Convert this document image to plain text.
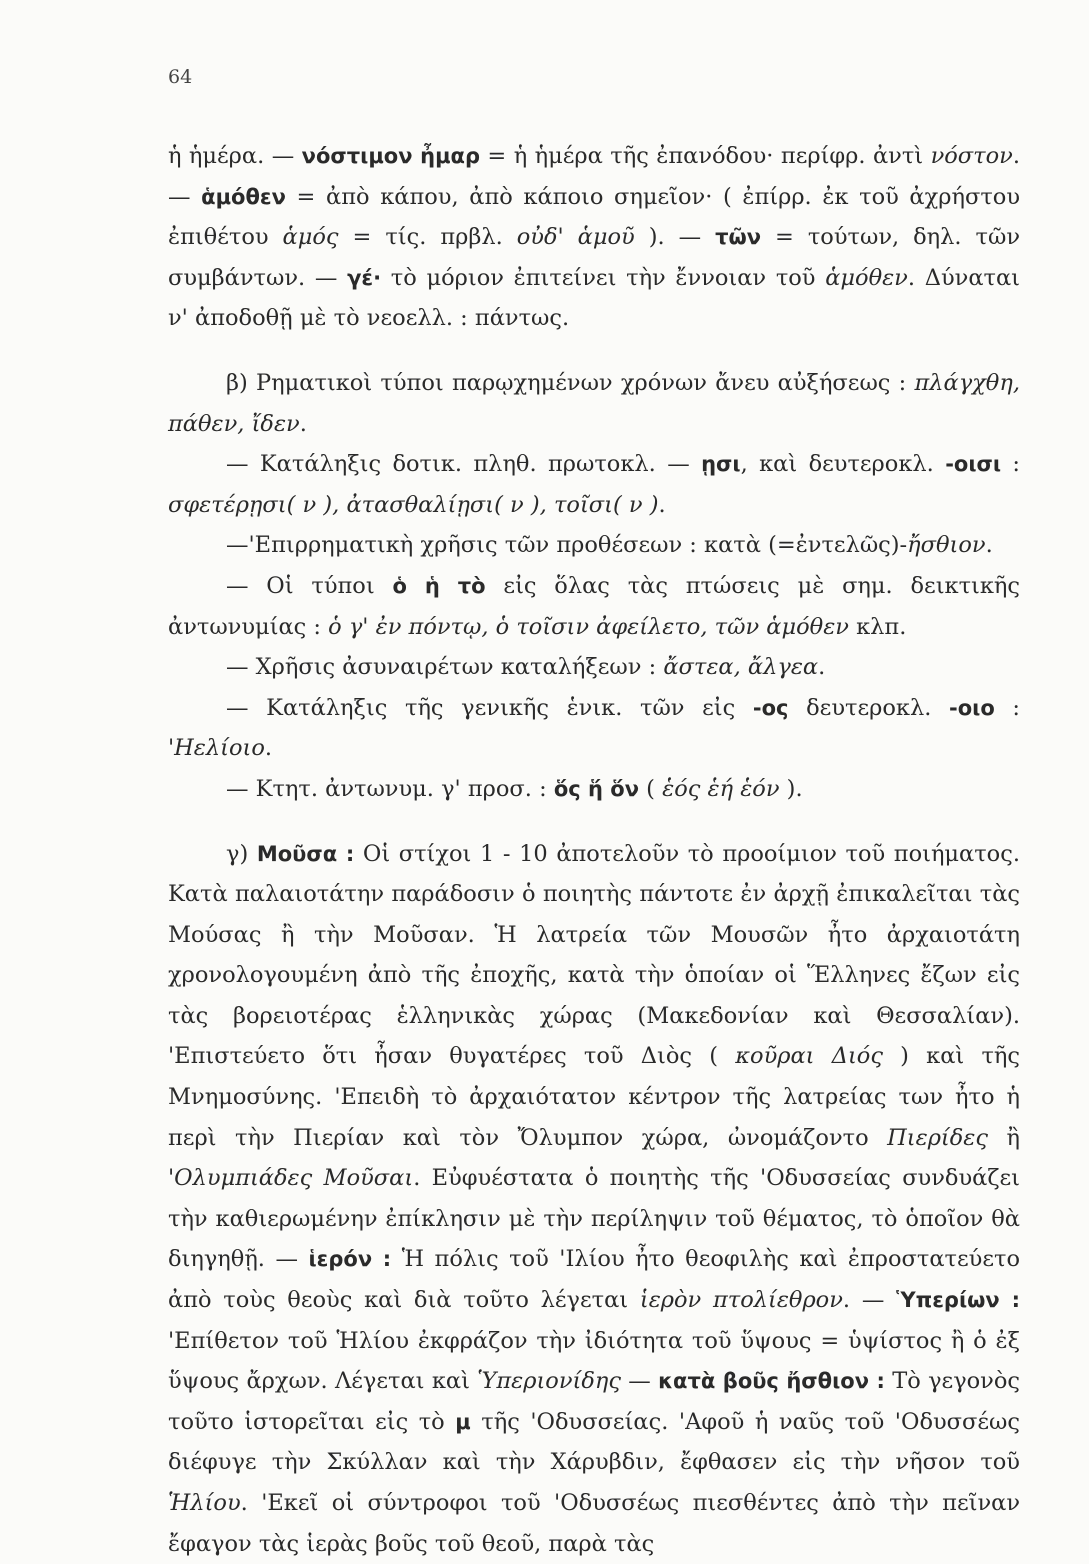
64

ἡ ἡμέρα. — νόστιμον ἦμαρ = ἡ ἡμέρα τῆς ἐπανόδου· περίφρ. ἀντὶ νόστον. — ἁμόθεν = ἀπὸ κάπου, ἀπὸ κάποιο σημεῖον· ( ἐπίρρ. ἐκ τοῦ ἀχρήστου ἐπιθέτου ἁμός = τίς. πρβλ. οὐδ' ἁμοῦ ). — τῶν = τούτων, δηλ. τῶν συμβάντων. — γέ· τὸ μόριον ἐπιτείνει τὴν ἔννοιαν τοῦ ἁμόθεν. Δύναται ν' ἀποδοθῇ μὲ τὸ νεοελλ. : πάντως.

β) Ρηματικοὶ τύποι παρῳχημένων χρόνων ἄνευ αὐξήσεως : πλάγχθη, πάθεν, ἴδεν.

— Κατάληξις δοτικ. πληθ. πρωτοκλ. — ῃσι, καὶ δευτεροκλ. -οισι : σφετέρῃσι( ν ), ἀτασθαλίῃσι( ν ), τοῖσι( ν ).

—'Επιρρηματικὴ χρῆσις τῶν προθέσεων : κατὰ (=ἐντελῶς)-ἤσθιον.

— Οἱ τύποι ὁ ἡ τὸ εἰς ὅλας τὰς πτώσεις μὲ σημ. δεικτικῆς ἀντωνυμίας : ὁ γ' ἐν πόντῳ, ὁ τοῖσιν ἀφείλετο, τῶν ἁμόθεν κλπ.

— Χρῆσις ἀσυναιρέτων καταλήξεων : ἄστεα, ἄλγεα.

— Κατάληξις τῆς γενικῆς ἑνικ. τῶν εἰς -ος δευτεροκλ. -οιο : 'Ηελίοιο.

— Κτητ. ἀντωνυμ. γ' προσ. : ὅς ἥ ὅν ( ἑός ἑή ἑόν ).

γ) Μοῦσα : Οἱ στίχοι 1 - 10 ἀποτελοῦν τὸ προοίμιον τοῦ ποιήματος. Κατὰ παλαιοτάτην παράδοσιν ὁ ποιητὴς πάντοτε ἐν ἀρχῇ ἐπικαλεῖται τὰς Μούσας ἢ τὴν Μοῦσαν. Ἡ λατρεία τῶν Μουσῶν ἦτο ἀρχαιοτάτη χρονολογουμένη ἀπὸ τῆς ἐποχῆς, κατὰ τὴν ὁποίαν οἱ Ἕλληνες ἔζων εἰς τὰς βορειοτέρας ἑλληνικὰς χώρας (Μακεδονίαν καὶ Θεσσαλίαν). 'Επιστεύετο ὅτι ἦσαν θυγατέρες τοῦ Διὸς ( κοῦραι Διός ) καὶ τῆς Μνημοσύνης. 'Επειδὴ τὸ ἀρχαιότατον κέντρον τῆς λατρείας των ἦτο ἡ περὶ τὴν Πιερίαν καὶ τὸν Ὄλυμπον χώρα, ὠνομάζοντο Πιερίδες ἢ 'Ολυμπιάδες Μοῦσαι. Εὐφυέστατα ὁ ποιητὴς τῆς 'Οδυσσείας συνδυάζει τὴν καθιερωμένην ἐπίκλησιν μὲ τὴν περίληψιν τοῦ θέματος, τὸ ὁποῖον θὰ διηγηθῇ. — ἱερόν : Ἡ πόλις τοῦ 'Ιλίου ἦτο θεοφιλὴς καὶ ἐπροστατεύετο ἀπὸ τοὺς θεοὺς καὶ διὰ τοῦτο λέγεται ἱερὸν πτολίεθρον. — Ὑπερίων : 'Επίθετον τοῦ Ἡλίου ἐκφράζον τὴν ἰδιότητα τοῦ ὕψους = ὑψίστος ἢ ὁ ἐξ ὕψους ἄρχων. Λέγεται καὶ Ὑπεριονίδης — κατὰ βοῦς ἤσθιον : Τὸ γεγονὸς τοῦτο ἱστορεῖται εἰς τὸ μ τῆς 'Οδυσσείας. 'Αφοῦ ἡ ναῦς τοῦ 'Οδυσσέως διέφυγε τὴν Σκύλλαν καὶ τὴν Χάρυβδιν, ἔφθασεν εἰς τὴν νῆσον τοῦ Ἡλίου. 'Εκεῖ οἱ σύντροφοι τοῦ 'Οδυσσέως πιεσθέντες ἀπὸ τὴν πεῖναν ἔφαγον τὰς ἱερὰς βοῦς τοῦ θεοῦ, παρὰ τὰς
